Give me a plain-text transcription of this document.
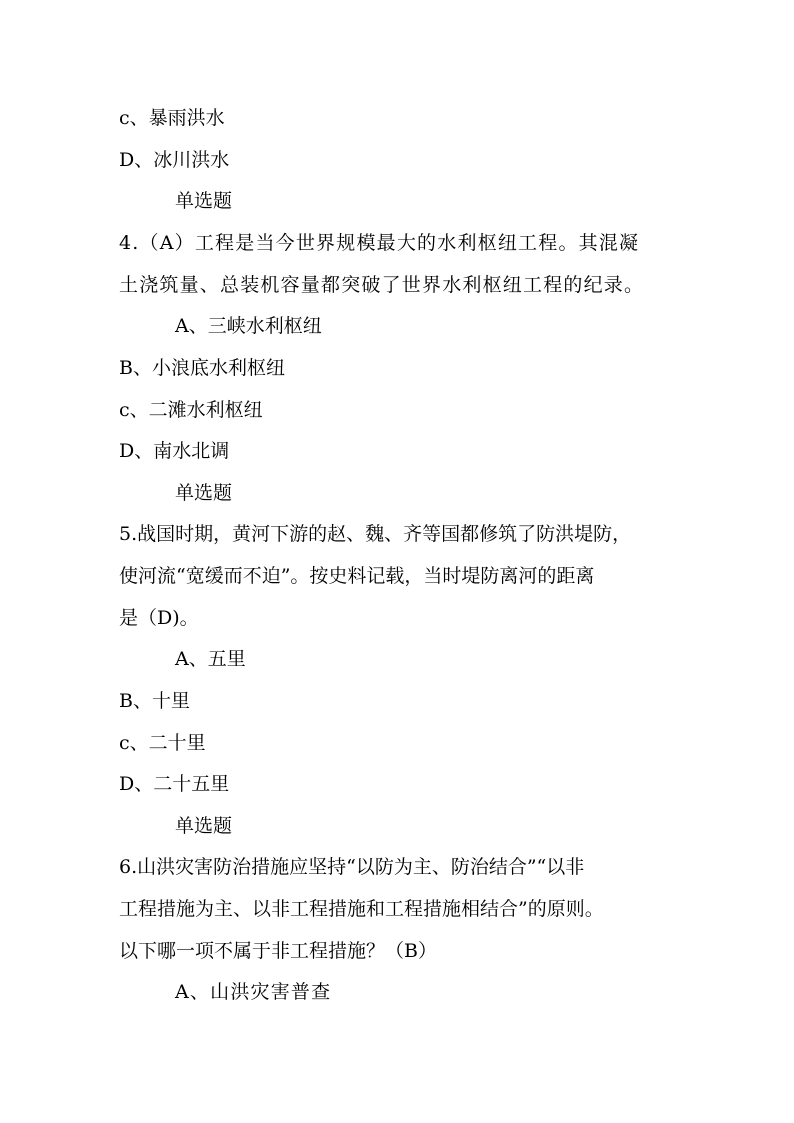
c、暴雨洪水
D、冰川洪水
单选题
4.（A）工程是当今世界规模最大的水利枢纽工程。其混凝
土浇筑量、总装机容量都突破了世界水利枢纽工程的纪录。
A、三峡水利枢纽
B、小浪底水利枢纽
c、二滩水利枢纽
D、南水北调
单选题
5.战国时期，黄河下游的赵、魏、齐等国都修筑了防洪堤防，
使河流“宽缓而不迫”。按史料记载，当时堤防离河的距离
是（D)。
A、五里
B、十里
c、二十里
D、二十五里
单选题
6.山洪灾害防治措施应坚持“以防为主、防治结合”“以非
工程措施为主、以非工程措施和工程措施相结合”的原则。
以下哪一项不属于非工程措施？（B）
A、山洪灾害普查
